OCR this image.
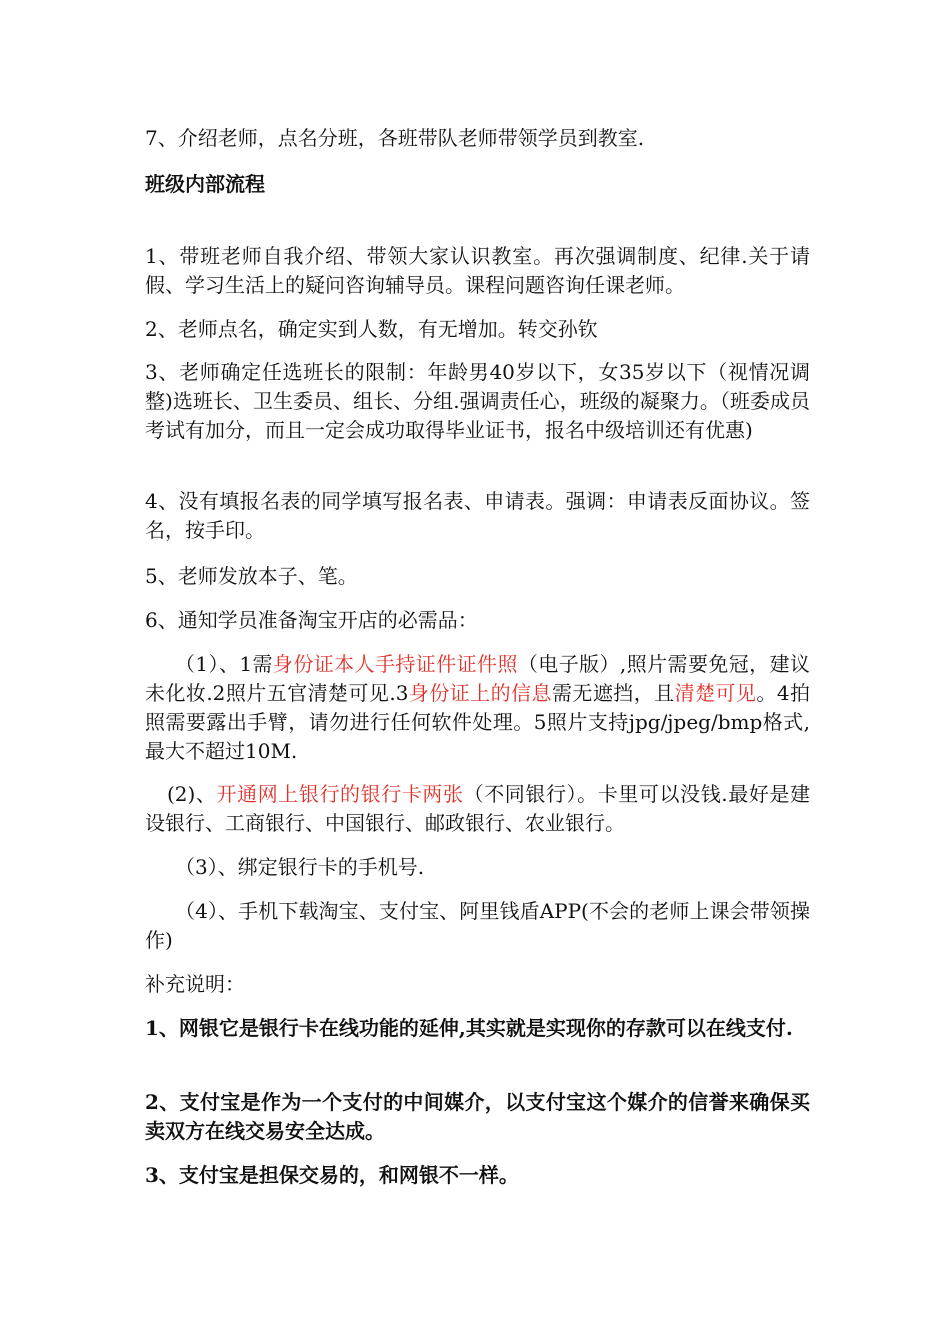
7、介绍老师，点名分班，各班带队老师带领学员到教室.

班级内部流程

1、带班老师自我介绍、带领大家认识教室。再次强调制度、纪律.关于请假、学习生活上的疑问咨询辅导员。课程问题咨询任课老师。

2、老师点名，确定实到人数，有无增加。转交孙钦

3、老师确定任选班长的限制：年龄男40岁以下，女35岁以下（视情况调整)选班长、卫生委员、组长、分组.强调责任心，班级的凝聚力。（班委成员考试有加分，而且一定会成功取得毕业证书，报名中级培训还有优惠)

4、没有填报名表的同学填写报名表、申请表。强调：申请表反面协议。签名，按手印。

5、老师发放本子、笔。

6、通知学员准备淘宝开店的必需品：

（1）、1需身份证本人手持证件证件照（电子版）,照片需要免冠，建议未化妆.2照片五官清楚可见.3身份证上的信息需无遮挡，且清楚可见。4拍照需要露出手臂，请勿进行任何软件处理。5照片支持jpg/jpeg/bmp格式,最大不超过10M.

(2)、开通网上银行的银行卡两张（不同银行）。卡里可以没钱.最好是建设银行、工商银行、中国银行、邮政银行、农业银行。

（3）、绑定银行卡的手机号.

（4）、手机下载淘宝、支付宝、阿里钱盾APP(不会的老师上课会带领操作)

补充说明：

1、网银它是银行卡在线功能的延伸,其实就是实现你的存款可以在线支付.

2、支付宝是作为一个支付的中间媒介，以支付宝这个媒介的信誉来确保买卖双方在线交易安全达成。

3、支付宝是担保交易的，和网银不一样。
